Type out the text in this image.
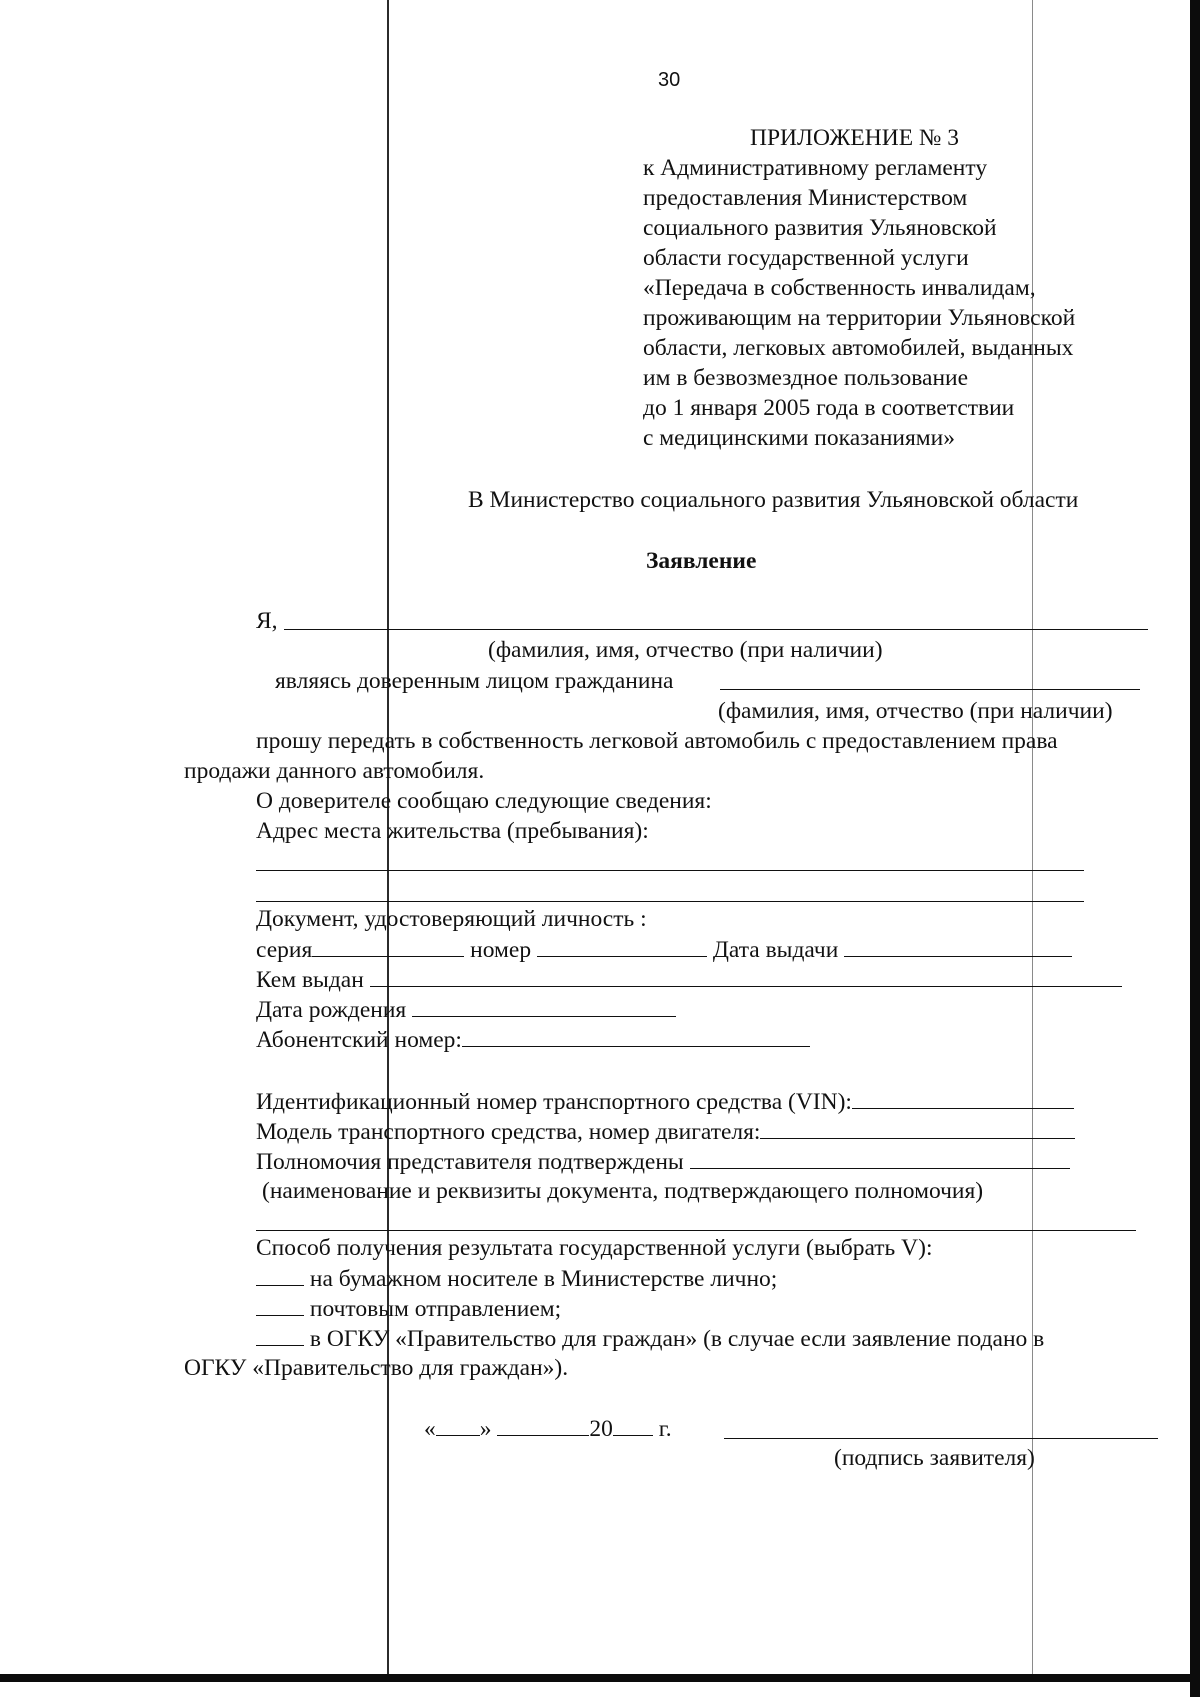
30
ПРИЛОЖЕНИЕ № 3
к Административному регламенту
предоставления Министерством
социального развития Ульяновской
области государственной услуги
«Передача в собственность инвалидам,
проживающим на территории Ульяновской
области, легковых автомобилей, выданных
им в безвозмездное пользование
до 1 января 2005 года в соответствии
с медицинскими показаниями»
В Министерство социального развития Ульяновской области
Заявление
Я,
(фамилия, имя, отчество (при наличии)
являясь доверенным лицом гражданина
(фамилия, имя, отчество (при наличии)
прошу передать в собственность легковой автомобиль с предоставлением права
продажи данного автомобиля.
О доверителе сообщаю следующие сведения:
Адрес места жительства (пребывания):
Документ, удостоверяющий личность :
серия	номер	Дата выдачи
Кем выдан
Дата рождения
Абонентский номер:
Идентификационный номер транспортного средства (VIN):
Модель транспортного средства, номер двигателя:
Полномочия представителя подтверждены
(наименование и реквизиты документа, подтверждающего полномочия)
Способ получения результата государственной услуги (выбрать V):
на бумажном носителе в Министерстве лично;
почтовым отправлением;
в ОГКУ «Правительство для граждан» (в случае если заявление подано в
ОГКУ «Правительство для граждан»).
« »	20 г.
(подпись заявителя)
